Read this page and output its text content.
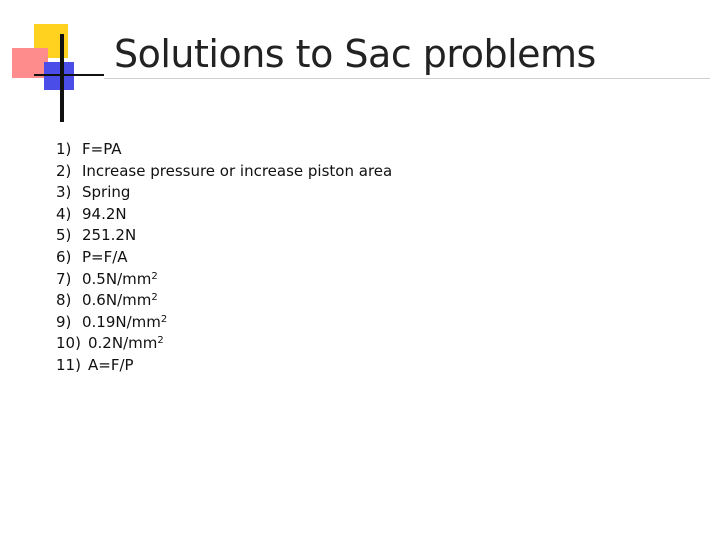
Solutions to Sac problems
1) F=PA
2) Increase pressure or increase piston area
3) Spring
4) 94.2N
5) 251.2N
6) P=F/A
7) $0.5N/mm^2$
8) $0.6N/mm^2$
9) $0.19N/mm^2$
10) $0.2N/mm^2$
11) A=F/P
